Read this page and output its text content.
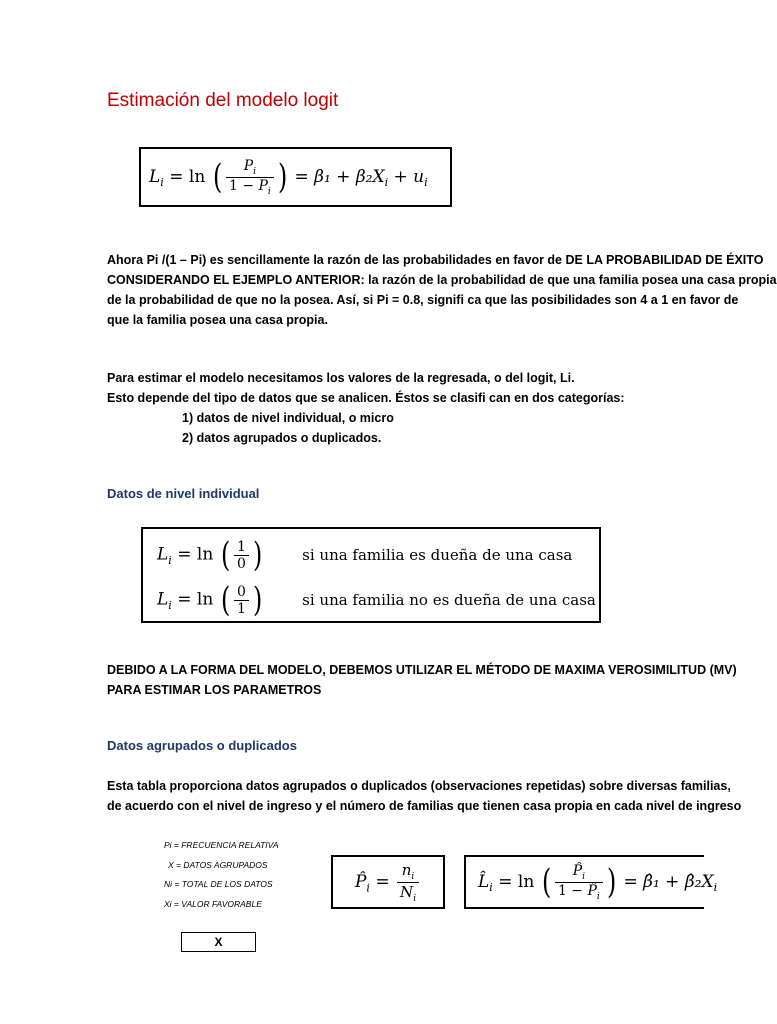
Estimación del modelo logit
$L_i = \ln$ ( $\frac{P_i}{1 - P_i}$ ) = $\beta_1 + \beta_2X_i + u_i$
Ahora Pi /(1 – Pi) es sencillamente la razón de las probabilidades en favor de DE LA PROBABILIDAD DE ÉXITO
CONSIDERANDO EL EJEMPLO ANTERIOR: la razón de la probabilidad de que una familia posea una casa propia
de la probabilidad de que no la posea. Así, si Pi = 0.8, signifi ca que las posibilidades son 4 a 1 en favor de
que la familia posea una casa propia.
Para estimar el modelo necesitamos los valores de la regresada, o del logit, Li.
Esto depende del tipo de datos que se analicen. Éstos se clasifi can en dos categorías:
1) datos de nivel individual, o micro
2) datos agrupados o duplicados.
Datos de nivel individual
$L_i = \ln$ ( $\frac{1}{0}$ )	si una familia es dueña de una casa
$L_i = \ln$ ( $\frac{0}{1}$ )	si una familia no es dueña de una casa
DEBIDO A LA FORMA DEL MODELO, DEBEMOS UTILIZAR EL MÉTODO DE MAXIMA VEROSIMILITUD (MV)
PARA ESTIMAR LOS PARAMETROS
Datos agrupados o duplicados
Esta tabla proporciona datos agrupados o duplicados (observaciones repetidas) sobre diversas familias,
de acuerdo con el nivel de ingreso y el número de familias que tienen casa propia en cada nivel de ingreso
Pi = FRECUENCIA RELATIVA
X = DATOS AGRUPADOS
Ni = TOTAL DE LOS DATOS
Xi = VALOR FAVORABLE
$P̂_i = \frac{n_i}{N_i}$	$L̂_i = \ln$ ( $\frac{P̂_i}{1 - P̂_i}$ ) = β̂₁ + $\betâ_2X_i$
X
